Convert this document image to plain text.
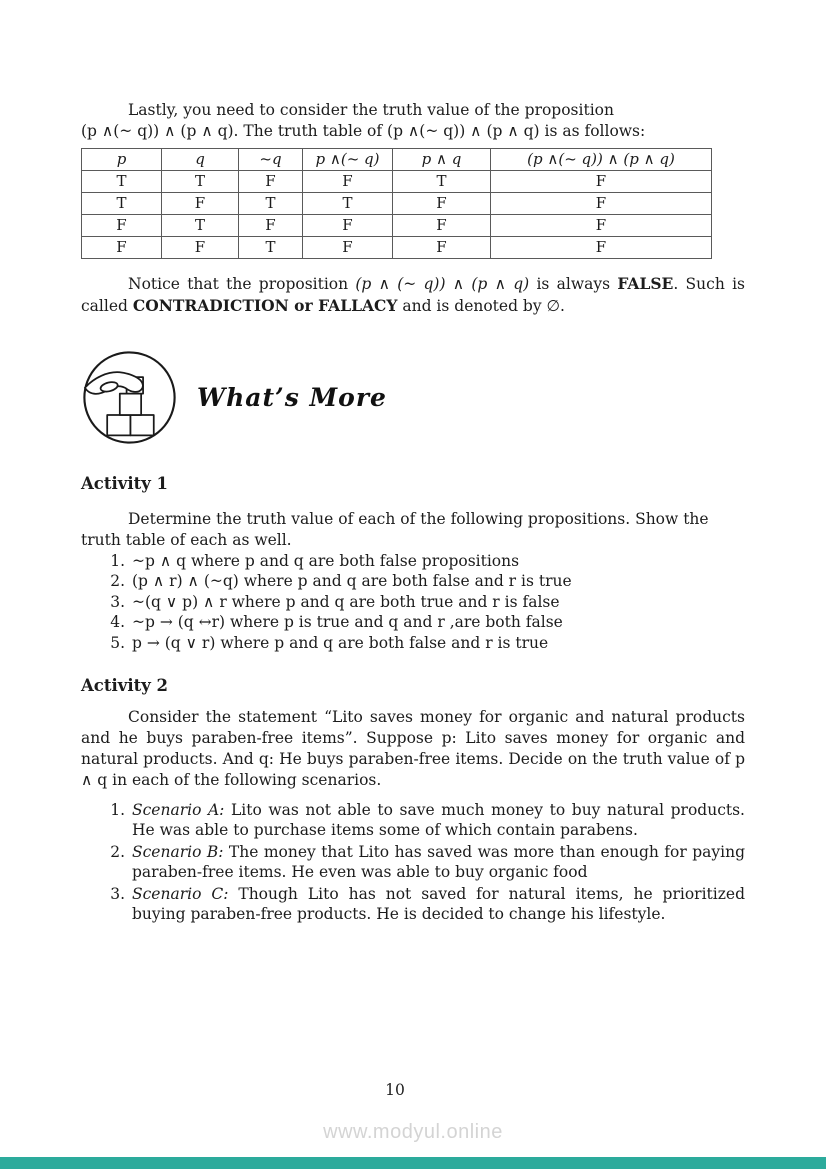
Lastly, you need to consider the truth value of the proposition
(p ∧(~ q)) ∧ (p ∧ q). The truth table of (p ∧(~ q)) ∧ (p ∧ q) is as follows:

p	q	~q	p ∧(~ q)	p ∧ q	(p ∧(~ q)) ∧ (p ∧ q)
T	T	F	F	T	F
T	F	T	T	F	F
F	T	F	F	F	F
F	F	T	F	F	F

Notice that the proposition (p ∧ (~ q)) ∧ (p ∧ q) is always FALSE. Such is called CONTRADICTION or FALLACY and is denoted by ∅.

What’s More
Activity 1

Determine the truth value of each of the following propositions. Show the truth table of each as well.

1. ~p ∧ q where p and q are both false propositions
2. (p ∧ r) ∧ (~q) where p and q are both false and r is true
3. ~(q ∨ p) ∧ r where p and q are both true and r is false
4. ~p → (q ↔r) where p is true and q and r ,are both false
5. p → (q ∨ r) where p and q are both false and r is true
Activity 2

Consider the statement “Lito saves money for organic and natural products and he buys paraben-free items”. Suppose p: Lito saves money for organic and natural products. And q: He buys paraben-free items. Decide on the truth value of p ∧ q in each of the following scenarios.

1. Scenario A: Lito was not able to save much money to buy natural products. He was able to purchase items some of which contain parabens.
2. Scenario B: The money that Lito has saved was more than enough for paying paraben-free items. He even was able to buy organic food
3. Scenario C: Though Lito has not saved for natural items, he prioritized buying paraben-free products. He is decided to change his lifestyle.
10
www.modyul.online
